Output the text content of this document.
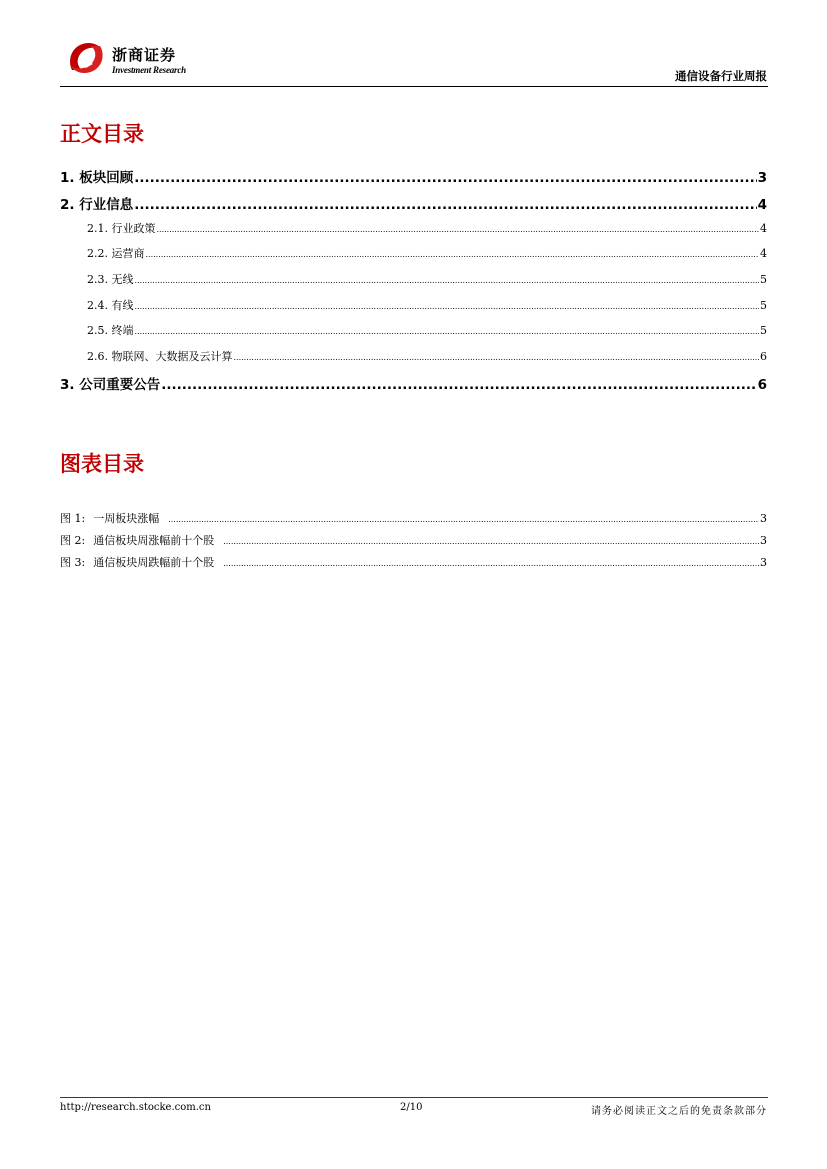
浙商证券
Investment Research	通信设备行业周报
正文目录
1. 板块回顾 .....	3
2. 行业信息 .....	4
2.1. 行业政策 .....	4
2.2. 运营商 .....	4
2.3. 无线 .....	5
2.4. 有线 .....	5
2.5. 终端 .....	5
2.6. 物联网、大数据及云计算 .....	6
3. 公司重要公告 .....	6
图表目录
图 1: 一周板块涨幅 .....	3
图 2: 通信板块周涨幅前十个股 .....	3
图 3: 通信板块周跌幅前十个股 .....	3
http://research.stocke.com.cn	2/10	请务必阅读正文之后的免责条款部分
